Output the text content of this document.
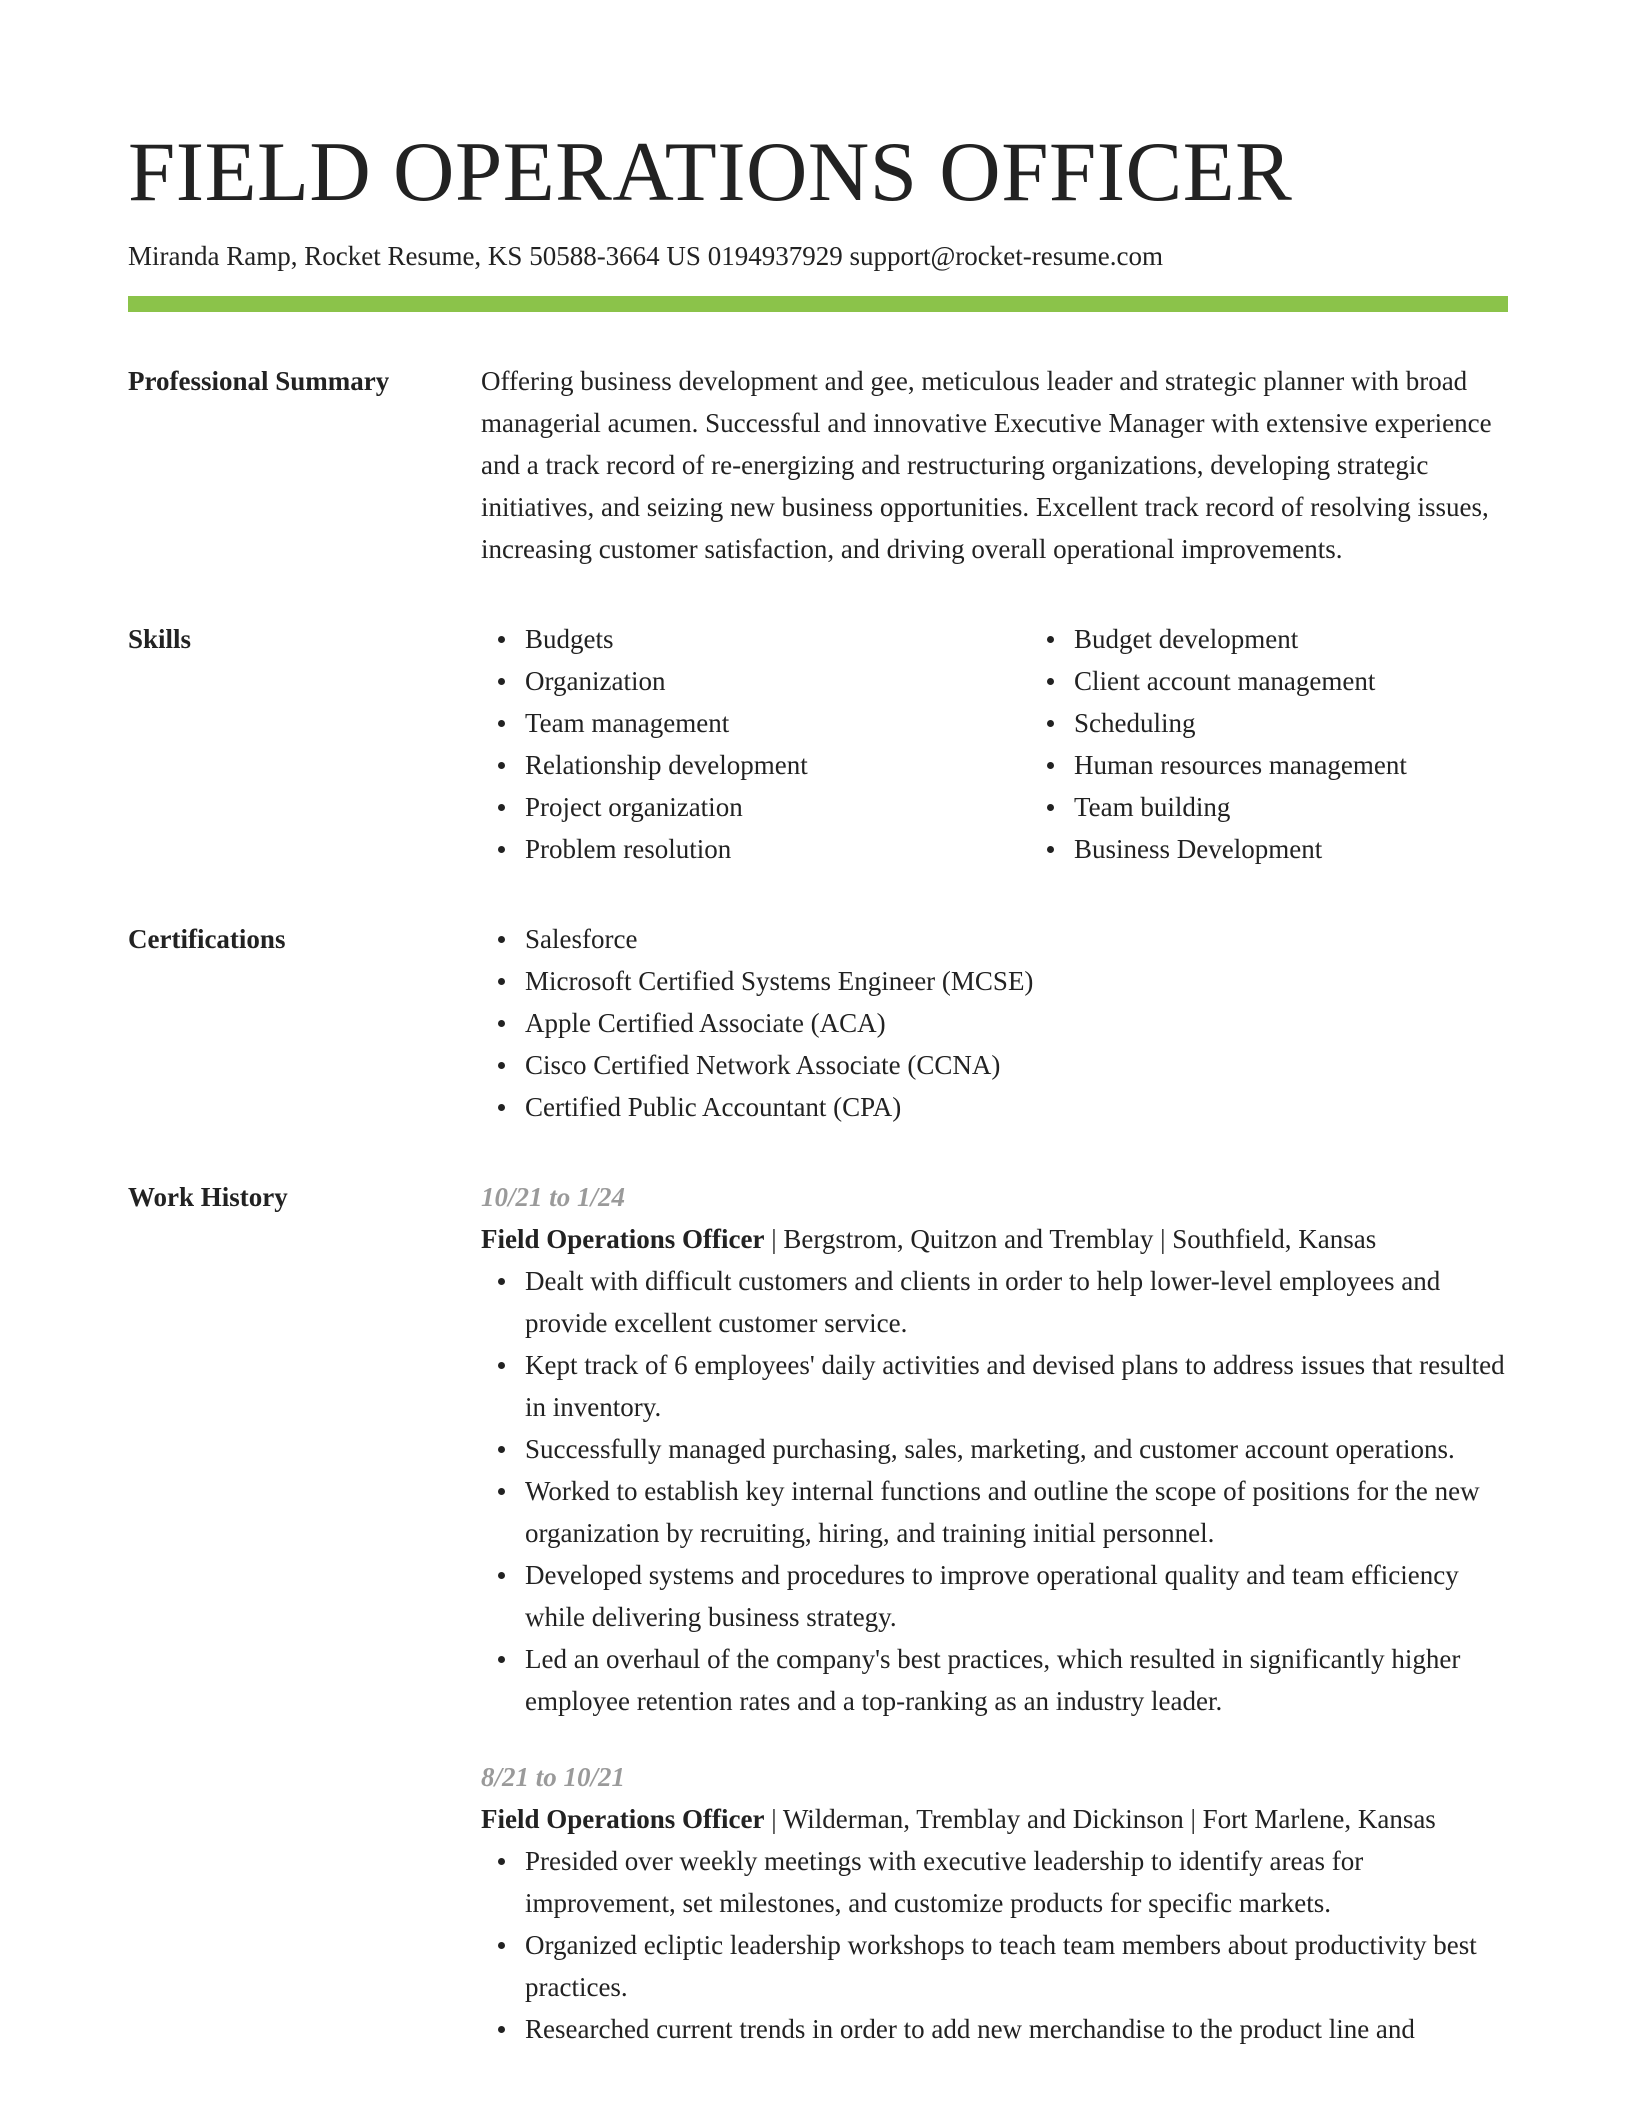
FIELD OPERATIONS OFFICER
Miranda Ramp, Rocket Resume, KS 50588-3664 US 0194937929 support@rocket-resume.com
Professional Summary	Offering business development and gee, meticulous leader and strategic planner with broad managerial acumen. Successful and innovative Executive Manager with extensive experience and a track record of re-energizing and restructuring organizations, developing strategic initiatives, and seizing new business opportunities. Excellent track record of resolving issues, increasing customer satisfaction, and driving overall operational improvements.

Skills	Budgets
Organization
Team management
Relationship development
Project organization
Problem resolution
Budget development
Client account management
Scheduling
Human resources management
Team building
Business Development
Certifications	Salesforce
Microsoft Certified Systems Engineer (MCSE)
Apple Certified Associate (ACA)
Cisco Certified Network Associate (CCNA)
Certified Public Accountant (CPA)
Work History	10/21 to 1/24
Field Operations Officer | Bergstrom, Quitzon and Tremblay | Southfield, Kansas
Dealt with difficult customers and clients in order to help lower-level employees and provide excellent customer service.
Kept track of 6 employees' daily activities and devised plans to address issues that resulted in inventory.
Successfully managed purchasing, sales, marketing, and customer account operations.
Worked to establish key internal functions and outline the scope of positions for the new organization by recruiting, hiring, and training initial personnel.
Developed systems and procedures to improve operational quality and team efficiency while delivering business strategy.
Led an overhaul of the company's best practices, which resulted in significantly higher employee retention rates and a top-ranking as an industry leader.
8/21 to 10/21
Field Operations Officer | Wilderman, Tremblay and Dickinson | Fort Marlene, Kansas
Presided over weekly meetings with executive leadership to identify areas for improvement, set milestones, and customize products for specific markets.
Organized ecliptic leadership workshops to teach team members about productivity best practices.
Researched current trends in order to add new merchandise to the product line and
